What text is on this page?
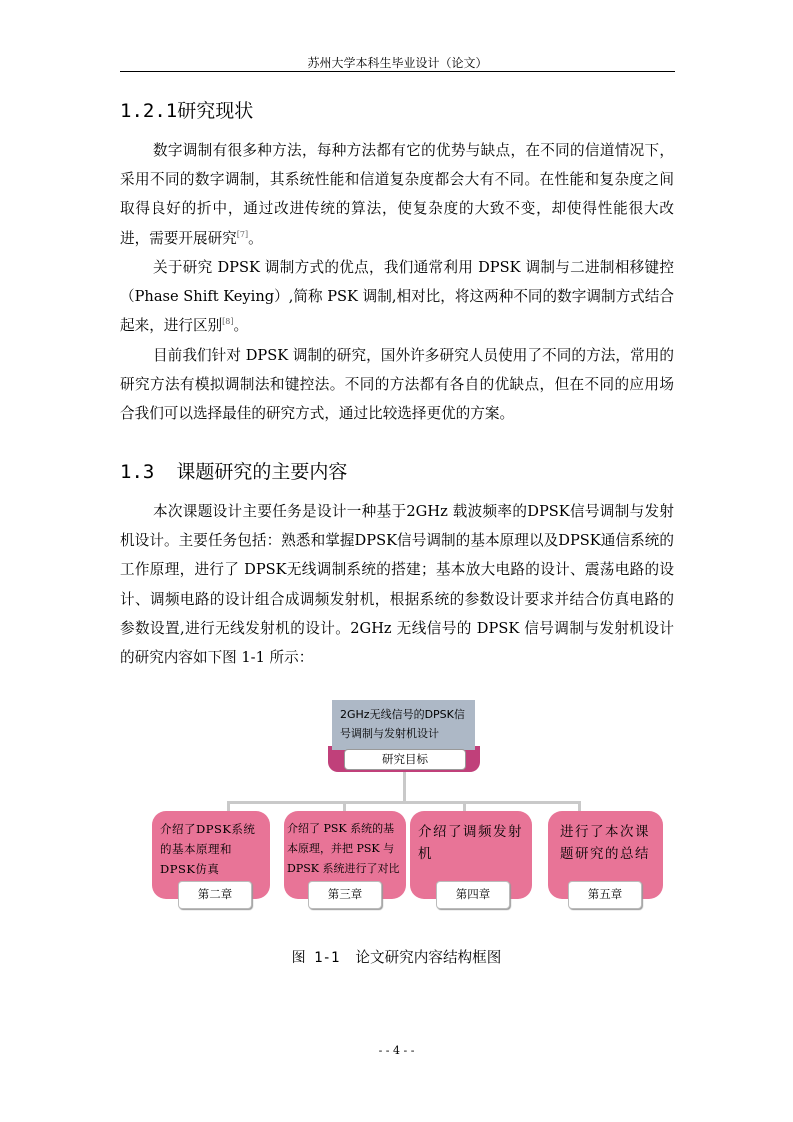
苏州大学本科生毕业设计（论文）
1.2.1研究现状

数字调制有很多种方法，每种方法都有它的优势与缺点，在不同的信道情况下，采用不同的数字调制，其系统性能和信道复杂度都会大有不同。在性能和复杂度之间取得良好的折中，通过改进传统的算法，使复杂度的大致不变，却使得性能很大改进，需要开展研究[7]。

关于研究 DPSK 调制方式的优点，我们通常利用 DPSK 调制与二进制相移键控（Phase Shift Keying）,简称 PSK 调制,相对比，将这两种不同的数字调制方式结合起来，进行区别[8]。

目前我们针对 DPSK 调制的研究，国外许多研究人员使用了不同的方法，常用的研究方法有模拟调制法和键控法。不同的方法都有各自的优缺点，但在不同的应用场合我们可以选择最佳的研究方式，通过比较选择更优的方案。

1.3 课题研究的主要内容

本次课题设计主要任务是设计一种基于2GHz 载波频率的DPSK信号调制与发射机设计。主要任务包括：熟悉和掌握DPSK信号调制的基本原理以及DPSK通信系统的工作原理，进行了 DPSK无线调制系统的搭建；基本放大电路的设计、震荡电路的设计、调频电路的设计组合成调频发射机，根据系统的参数设计要求并结合仿真电路的参数设置,进行无线发射机的设计。2GHz 无线信号的 DPSK 信号调制与发射机设计的研究内容如下图 1-1 所示：

2GHz无线信号的DPSK信号调制与发射机设计
研究目标
介绍了DPSK系统的基本原理和DPSK仿真
第二章
介绍了 PSK 系统的基本原理，并把 PSK 与 DPSK 系统进行了对比
第三章
介绍了调频发射机
第四章
进行了本次课题研究的总结
第五章
图 1-1 论文研究内容结构框图
- - 4 - -
